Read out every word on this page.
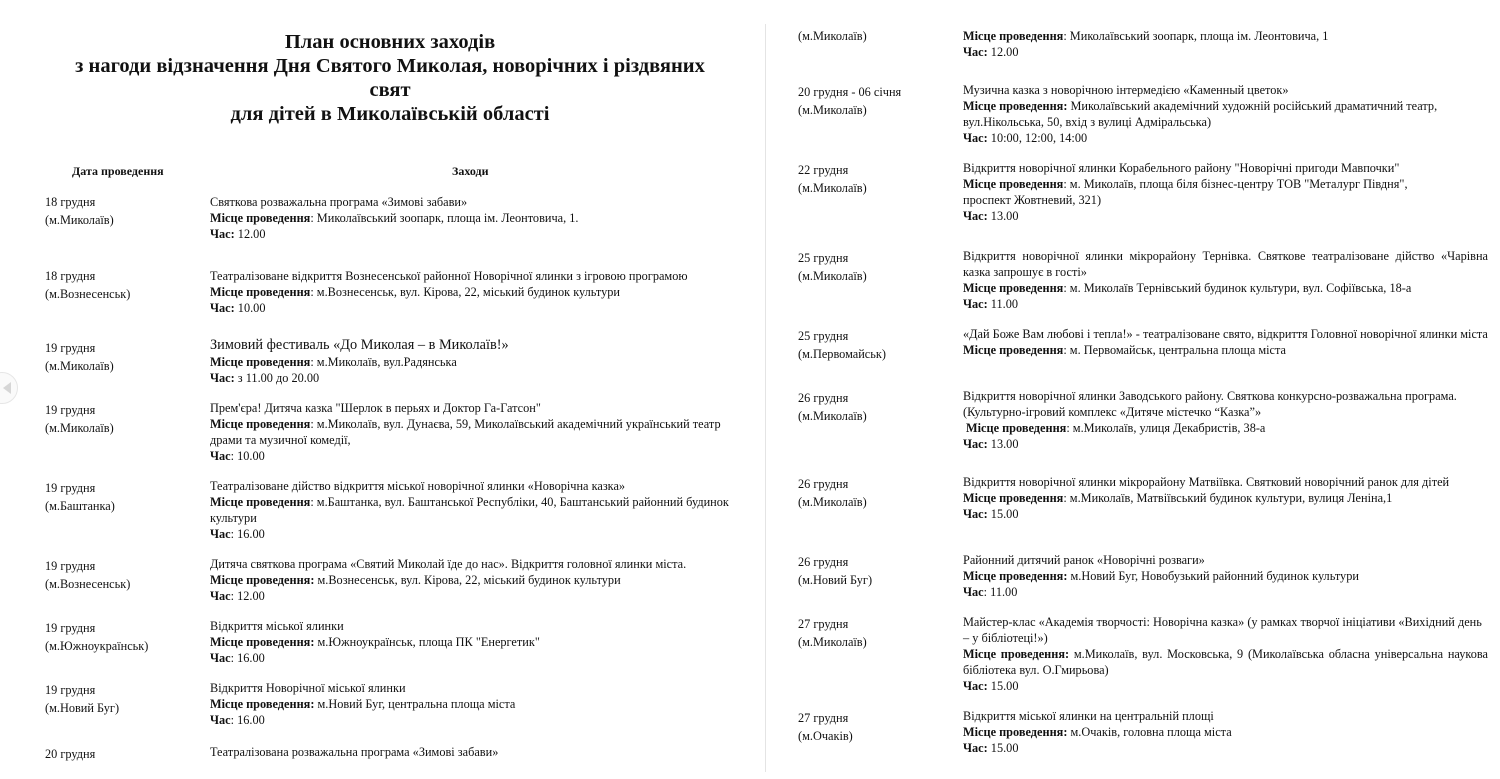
План основних заходів
з нагоди відзначення Дня Святого Миколая, новорічних і різдвяних
свят
для дітей в Миколаївській області
Дата проведення	Заходи
18 грудня
(м.Миколаїв)
Святкова розважальна програма «Зимові забави»
Місце проведення: Миколаївський зоопарк, площа ім. Леонтовича, 1.
Час: 12.00
18 грудня
(м.Вознесенськ)
Театралізоване відкриття Вознесенської районної Новорічної ялинки з ігровою програмою
Місце проведення: м.Вознесенськ, вул. Кірова, 22, міський будинок культури
Час: 10.00
19 грудня
(м.Миколаїв)
Зимовий фестиваль «До Миколая – в Миколаїв!»
Місце проведення: м.Миколаїв, вул.Радянська
Час: з 11.00 до 20.00
19 грудня
(м.Миколаїв)
Прем'єра! Дитяча казка "Шерлок в перьях и Доктор Га-Гатсон"
Місце проведення: м.Миколаїв, вул. Дунаєва, 59, Миколаївський академічний український театр драми та музичної комедії,
Час: 10.00
19 грудня
(м.Баштанка)
Театралізоване дійство відкриття міської новорічної ялинки «Новорічна казка»
Місце проведення: м.Баштанка, вул. Баштанської Республіки, 40, Баштанський районний будинок культури
Час: 16.00
19 грудня
(м.Вознесенськ)
Дитяча святкова програма «Святий Миколай їде до нас». Відкриття головної ялинки міста.
Місце проведення: м.Вознесенськ, вул. Кірова, 22, міський будинок культури
Час: 12.00
19 грудня
(м.Южноукраїнськ)
Відкриття міської ялинки
Місце проведення: м.Южноукраїнськ, площа ПК "Енергетик"
Час: 16.00
19 грудня
(м.Новий Буг)
Відкриття Новорічної міської ялинки
Місце проведення: м.Новий Буг, центральна площа міста
Час: 16.00
20 грудня	Театралізована розважальна програма «Зимові забави»
(м.Миколаїв)	Місце проведення: Миколаївський зоопарк, площа ім. Леонтовича, 1
Час: 12.00
20 грудня - 06 січня
(м.Миколаїв)
Музична казка з новорічною інтермедією «Каменный цветок»
Місце проведення: Миколаївський академічний художній російський драматичний театр, вул.Нікольська, 50, вхід з вулиці Адміральська)
Час: 10:00, 12:00, 14:00
22 грудня
(м.Миколаїв)
Відкриття новорічної ялинки Корабельного району "Новорічні пригоди Мавпочки"
Місце проведення: м. Миколаїв, площа біля бізнес-центру ТОВ "Металург Півдня",
проспект Жовтневий, 321)
Час: 13.00
25 грудня
(м.Миколаїв)
Відкриття новорічної ялинки мікрорайону Тернівка. Святкове театралізоване дійство «Чарівна казка запрошує в гості»
Місце проведення: м. Миколаїв Тернівський будинок культури, вул. Софіївська, 18-а
Час: 11.00
25 грудня
(м.Первомайськ)
«Дай Боже Вам любові і тепла!» - театралізоване свято, відкриття Головної новорічної ялинки міста
Місце проведення: м. Первомайськ, центральна площа міста
26 грудня
(м.Миколаїв)
Відкриття новорічної ялинки Заводського району. Святкова конкурсно-розважальна програма. (Культурно-ігровий комплекс «Дитяче містечко “Казка”»
Місце проведення: м.Миколаїв, улиця Декабристів, 38-а
Час: 13.00
26 грудня
(м.Миколаїв)
Відкриття новорічної ялинки мікрорайону Матвіївка. Святковий новорічний ранок для дітей
Місце проведення: м.Миколаїв, Матвіївський будинок культури, вулиця Леніна,1
Час: 15.00
26 грудня
(м.Новий Буг)
Районний дитячий ранок «Новорічні розваги»
Місце проведення: м.Новий Буг, Новобузький районний будинок культури
Час: 11.00
27 грудня
(м.Миколаїв)
Майстер-клас «Академія творчості: Новорічна казка» (у рамках творчої ініціативи «Вихідний день – у бібліотеці!»)
Місце проведення: м.Миколаїв, вул. Московська, 9 (Миколаївська обласна універсальна наукова бібліотека вул. О.Гмирьова)
Час: 15.00
27 грудня
(м.Очаків)
Відкриття міської ялинки на центральній площі
Місце проведення: м.Очаків, головна площа міста
Час: 15.00
